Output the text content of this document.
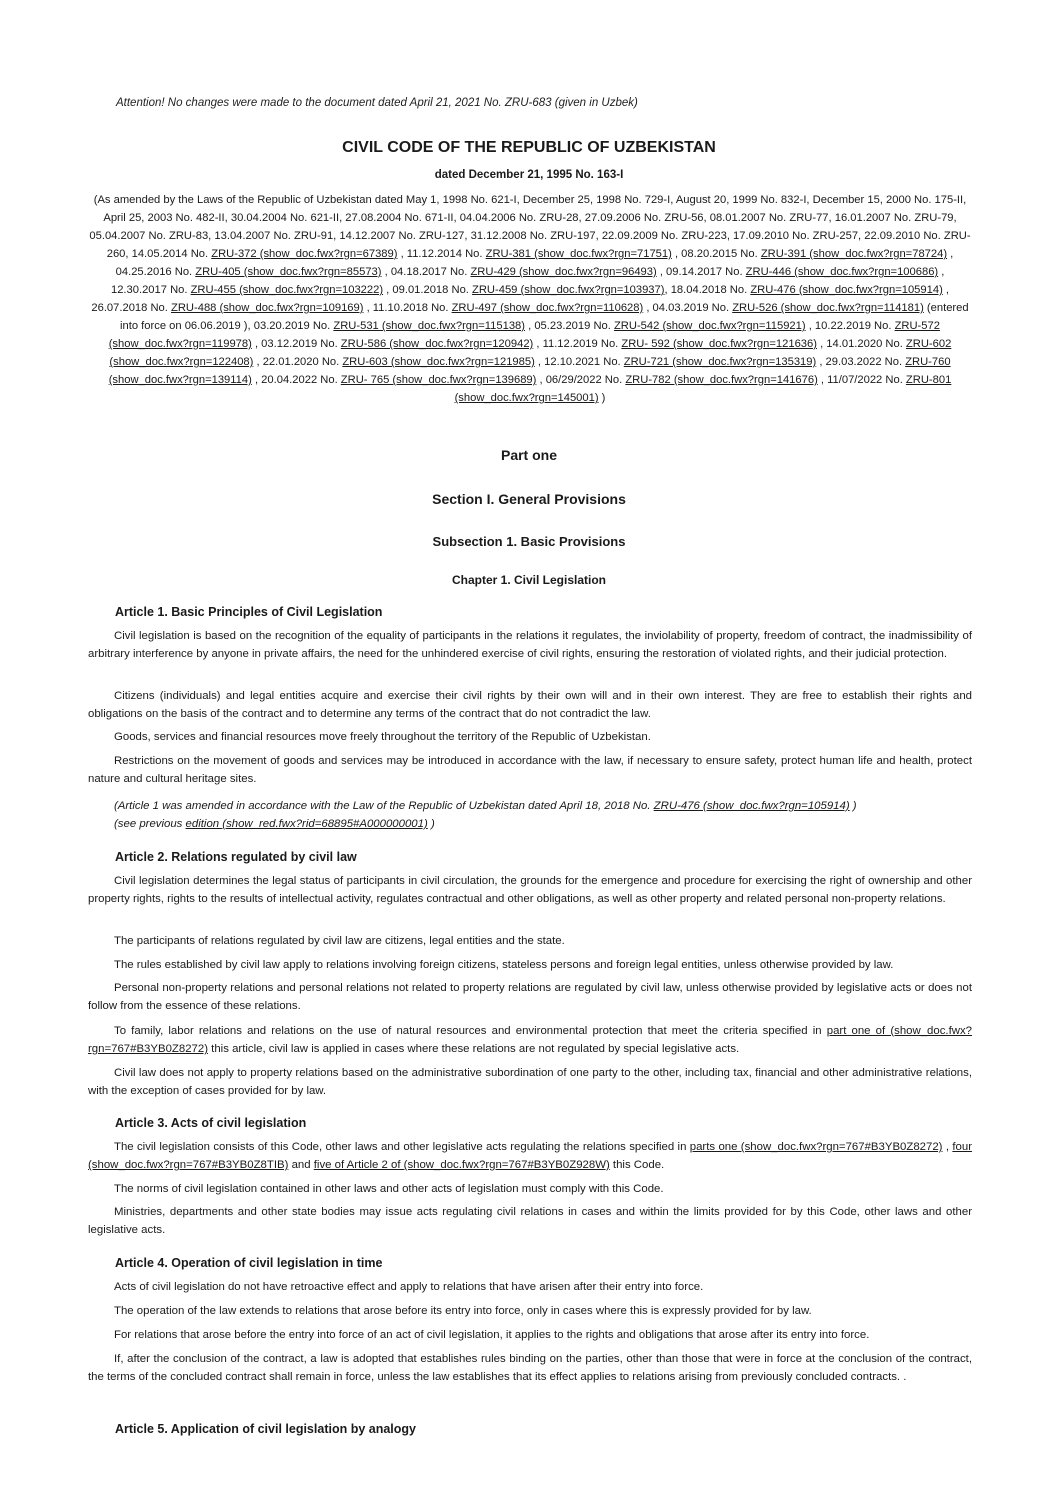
Attention! No changes were made to the document dated April 21, 2021 No. ZRU-683 (given in Uzbek)
CIVIL CODE OF THE REPUBLIC OF UZBEKISTAN
dated December 21, 1995 No. 163-I
(As amended by the Laws of the Republic of Uzbekistan dated May 1, 1998 No. 621-I, December 25, 1998 No. 729-I, August 20, 1999 No. 832-I, December 15, 2000 No. 175-II, April 25, 2003 No. 482-II, 30.04.2004 No. 621-II, 27.08.2004 No. 671-II, 04.04.2006 No. ZRU-28, 27.09.2006 No. ZRU-56, 08.01.2007 No. ZRU-77, 16.01.2007 No. ZRU-79, 05.04.2007 No. ZRU-83, 13.04.2007 No. ZRU-91, 14.12.2007 No. ZRU-127, 31.12.2008 No. ZRU-197, 22.09.2009 No. ZRU-223, 17.09.2010 No. ZRU-257, 22.09.2010 No. ZRU-260, 14.05.2014 No. ZRU-372 (show_doc.fwx?rgn=67389) , 11.12.2014 No. ZRU-381 (show_doc.fwx?rgn=71751) , 08.20.2015 No. ZRU-391 (show_doc.fwx?rgn=78724) , 04.25.2016 No. ZRU-405 (show_doc.fwx?rgn=85573) , 04.18.2017 No. ZRU-429 (show_doc.fwx?rgn=96493) , 09.14.2017 No. ZRU-446 (show_doc.fwx?rgn=100686) , 12.30.2017 No. ZRU-455 (show_doc.fwx?rgn=103222) , 09.01.2018 No. ZRU-459 (show_doc.fwx?rgn=103937), 18.04.2018 No. ZRU-476 (show_doc.fwx?rgn=105914) , 26.07.2018 No. ZRU-488 (show_doc.fwx?rgn=109169) , 11.10.2018 No. ZRU-497 (show_doc.fwx?rgn=110628) , 04.03.2019 No. ZRU-526 (show_doc.fwx?rgn=114181) (entered into force on 06.06.2019 ), 03.20.2019 No. ZRU-531 (show_doc.fwx?rgn=115138) , 05.23.2019 No. ZRU-542 (show_doc.fwx?rgn=115921) , 10.22.2019 No. ZRU-572 (show_doc.fwx?rgn=119978) , 03.12.2019 No. ZRU-586 (show_doc.fwx?rgn=120942) , 11.12.2019 No. ZRU- 592 (show_doc.fwx?rgn=121636) , 14.01.2020 No. ZRU-602 (show_doc.fwx?rgn=122408) , 22.01.2020 No. ZRU-603 (show_doc.fwx?rgn=121985) , 12.10.2021 No. ZRU-721 (show_doc.fwx?rgn=135319) , 29.03.2022 No. ZRU-760 (show_doc.fwx?rgn=139114) , 20.04.2022 No. ZRU- 765 (show_doc.fwx?rgn=139689) , 06/29/2022 No. ZRU-782 (show_doc.fwx?rgn=141676) , 11/07/2022 No. ZRU-801 (show_doc.fwx?rgn=145001) )
Part one
Section I. General Provisions
Subsection 1. Basic Provisions
Chapter 1. Civil Legislation
Article 1. Basic Principles of Civil Legislation
Civil legislation is based on the recognition of the equality of participants in the relations it regulates, the inviolability of property, freedom of contract, the inadmissibility of arbitrary interference by anyone in private affairs, the need for the unhindered exercise of civil rights, ensuring the restoration of violated rights, and their judicial protection.
Citizens (individuals) and legal entities acquire and exercise their civil rights by their own will and in their own interest. They are free to establish their rights and obligations on the basis of the contract and to determine any terms of the contract that do not contradict the law.
Goods, services and financial resources move freely throughout the territory of the Republic of Uzbekistan.
Restrictions on the movement of goods and services may be introduced in accordance with the law, if necessary to ensure safety, protect human life and health, protect nature and cultural heritage sites.
(Article 1 was amended in accordance with the Law of the Republic of Uzbekistan dated April 18, 2018 No. ZRU-476 (show_doc.fwx?rgn=105914) )
(see previous edition (show_red.fwx?rid=68895#A000000001) )
Article 2. Relations regulated by civil law
Civil legislation determines the legal status of participants in civil circulation, the grounds for the emergence and procedure for exercising the right of ownership and other property rights, rights to the results of intellectual activity, regulates contractual and other obligations, as well as other property and related personal non-property relations.
The participants of relations regulated by civil law are citizens, legal entities and the state.
The rules established by civil law apply to relations involving foreign citizens, stateless persons and foreign legal entities, unless otherwise provided by law.
Personal non-property relations and personal relations not related to property relations are regulated by civil law, unless otherwise provided by legislative acts or does not follow from the essence of these relations.
To family, labor relations and relations on the use of natural resources and environmental protection that meet the criteria specified in part one of (show_doc.fwx?rgn=767#B3YB0Z8272) this article, civil law is applied in cases where these relations are not regulated by special legislative acts.
Civil law does not apply to property relations based on the administrative subordination of one party to the other, including tax, financial and other administrative relations, with the exception of cases provided for by law.
Article 3. Acts of civil legislation
The civil legislation consists of this Code, other laws and other legislative acts regulating the relations specified in parts one (show_doc.fwx?rgn=767#B3YB0Z8272) , four (show_doc.fwx?rgn=767#B3YB0Z8TIB) and five of Article 2 of (show_doc.fwx?rgn=767#B3YB0Z928W) this Code.
The norms of civil legislation contained in other laws and other acts of legislation must comply with this Code.
Ministries, departments and other state bodies may issue acts regulating civil relations in cases and within the limits provided for by this Code, other laws and other legislative acts.
Article 4. Operation of civil legislation in time
Acts of civil legislation do not have retroactive effect and apply to relations that have arisen after their entry into force.
The operation of the law extends to relations that arose before its entry into force, only in cases where this is expressly provided for by law.
For relations that arose before the entry into force of an act of civil legislation, it applies to the rights and obligations that arose after its entry into force.
If, after the conclusion of the contract, a law is adopted that establishes rules binding on the parties, other than those that were in force at the conclusion of the contract, the terms of the concluded contract shall remain in force, unless the law establishes that its effect applies to relations arising from previously concluded contracts. .
Article 5. Application of civil legislation by analogy
